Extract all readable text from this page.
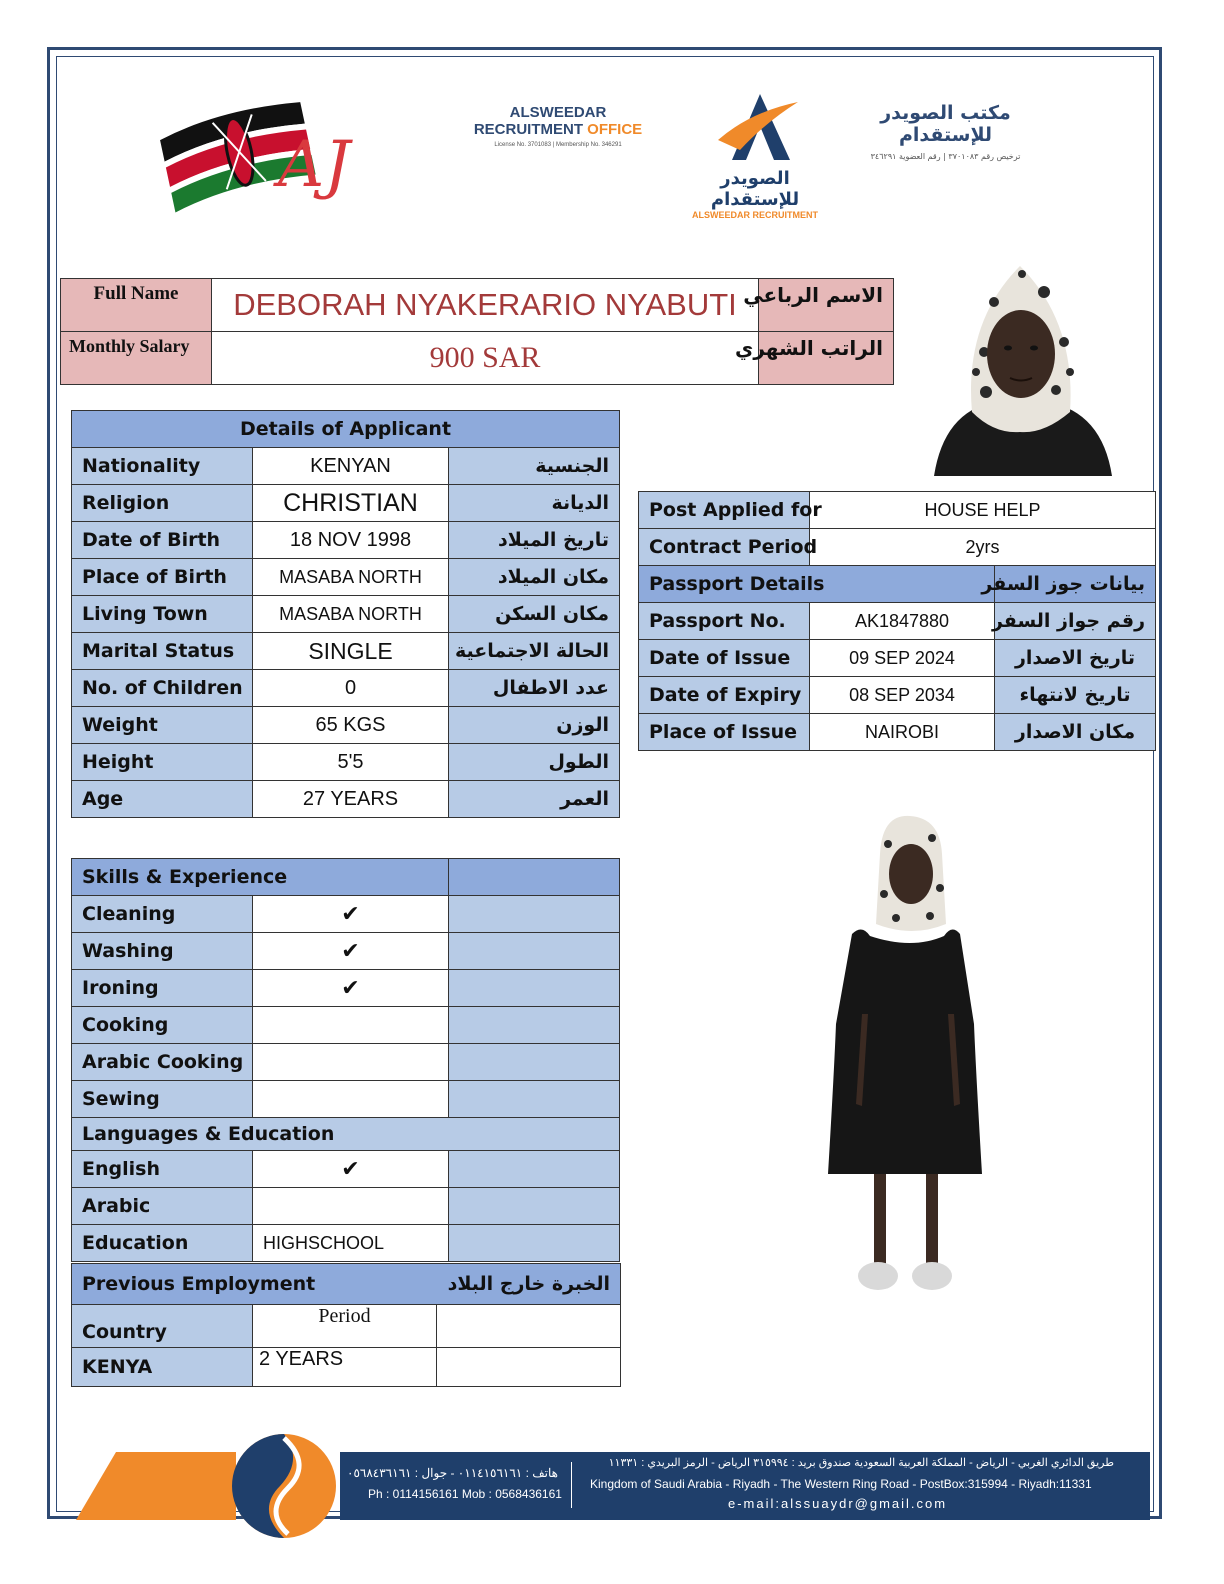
AJ
ALSWEEDAR
RECRUITMENT OFFICE
License No. 3701083 | Membership No. 346291
الصويدر للإستقدام
ALSWEEDAR RECRUITMENT
مكتب الصويدر للإستقدام
ترخيص رقم ٣٧٠١٠٨٣ | رقم العضوية ٣٤٦٢٩١
Full Name	DEBORAH NYAKERARIO NYABUTI	الاسم الرباعي
Monthly Salary	900 SAR	الراتب الشهري
Details of Applicant		
Nationality	KENYAN	الجنسية
Religion	CHRISTIAN	الديانة
Date of Birth	18 NOV 1998	تاريخ الميلاد
Place of Birth	MASABA NORTH	مكان الميلاد
Living Town	MASABA NORTH	مكان السكن
Marital Status	SINGLE	الحالة الاجتماعية
No. of Children	0	عدد الاطفال
Weight	65 KGS	الوزن
Height	5'5	الطول
Age	27 YEARS	العمر
Post Applied for	HOUSE HELP	
Contract Period	2yrs	
Passport Details		بيانات جوز السفر
Passport No.	AK1847880	رقم جواز السفر
Date of Issue	09 SEP 2024	تاريخ الاصدار
Date of Expiry	08 SEP 2034	تاريخ لانتهاء
Place of Issue	NAIROBI	مكان الاصدار
Skills & Experience		
Cleaning	✔	
Washing	✔	
Ironing	✔	
Cooking		
Arabic Cooking		
Sewing		
Languages & Education		
English	✔	
Arabic		
Education	HIGHSCHOOL	
Previous Employment		الخبرة خارج البلاد
Country	Period	
KENYA	2 YEARS	
هاتف : ٠١١٤١٥٦١٦١ - جوال : ٠٥٦٨٤٣٦١٦١
Ph : 0114156161 Mob : 0568436161
طريق الدائري الغربي - الرياض - المملكة العربية السعودية صندوق بريد : ٣١٥٩٩٤ الرياض - الرمز البريدي : ١١٣٣١
Kingdom of Saudi Arabia - Riyadh - The Western Ring Road - PostBox:315994 - Riyadh:11331
e-mail:alssuaydr@gmail.com
